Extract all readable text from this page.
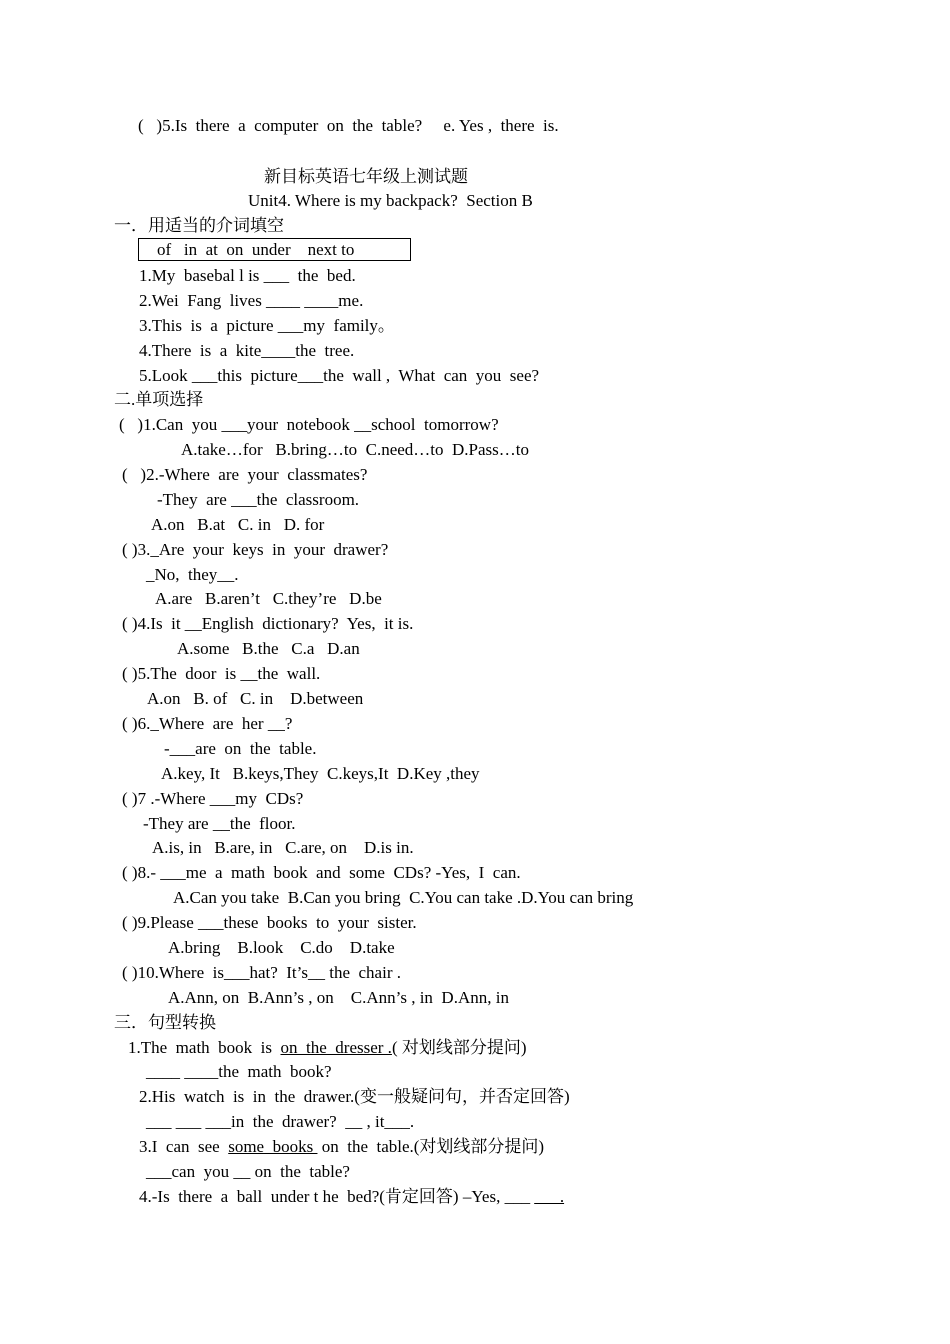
(   )5.Is  there  a  computer  on  the  table?     e. Yes ,  there  is.

新目标英语七年级上测试题

Unit4. Where is my backpack?  Section B

一．用适当的介词填空

of   in  at  on  under    next to

1.My  basebal l is ___  the  bed.

2.Wei  Fang  lives ____ ____me.

3.This  is  a  picture ___my  family。

4.There  is  a  kite____the  tree.

5.Look ___this  picture___the  wall ,  What  can  you  see?

二.单项选择

(   )1.Can  you ___your  notebook __school  tomorrow?

A.take…for   B.bring…to  C.need…to  D.Pass…to

(   )2.-Where  are  your  classmates?

-They  are ___the  classroom.

A.on   B.at   C. in   D. for

( )3._Are  your  keys  in  your  drawer?

_No,  they__.

A.are   B.aren’t   C.they’re   D.be

( )4.Is  it __English  dictionary?  Yes,  it is.

A.some   B.the   C.a   D.an

( )5.The  door  is __the  wall.

A.on   B. of   C. in    D.between

( )6._Where  are  her __?

-___are  on  the  table.

A.key, It   B.keys,They  C.keys,It  D.Key ,they

( )7 .-Where ___my  CDs?

-They are __the  floor.

A.is, in   B.are, in   C.are, on    D.is in.

( )8.- ___me  a  math  book  and  some  CDs? -Yes,  I  can.

A.Can you take  B.Can you bring  C.You can take .D.You can bring

( )9.Please ___these  books  to  your  sister.

A.bring    B.look    C.do    D.take

( )10.Where  is___hat?  It’s__ the  chair .

A.Ann, on  B.Ann’s , on    C.Ann’s , in  D.Ann, in

三．句型转换

1.The  math  book  is  on  the  dresser .( 对划线部分提问)

____ ____the  math  book?

2.His  watch  is  in  the  drawer.(变一般疑问句，并否定回答)

___ ___ ___in  the  drawer?  __ , it___.

3.I  can  see  some  books  on  the  table.(对划线部分提问)

___can  you __ on  the  table?

4.-Is  there  a  ball  under t he  bed?(肯定回答) –Yes, ___ ___.
